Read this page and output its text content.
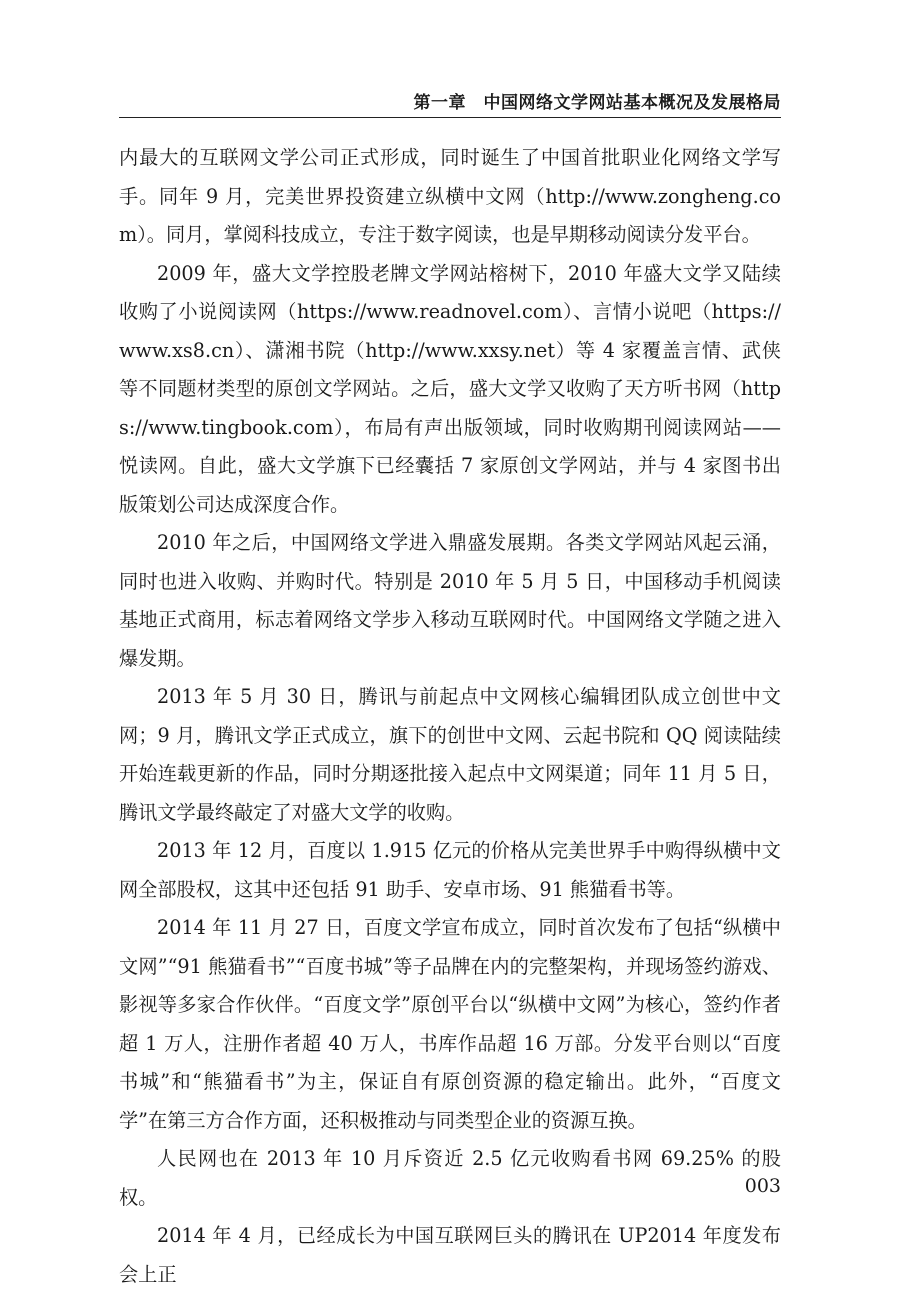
第一章　中国网络文学网站基本概况及发展格局

内最大的互联网文学公司正式形成，同时诞生了中国首批职业化网络文学写手。同年 9 月，完美世界投资建立纵横中文网（http://www.zongheng.com）。同月，掌阅科技成立，专注于数字阅读，也是早期移动阅读分发平台。

2009 年，盛大文学控股老牌文学网站榕树下，2010 年盛大文学又陆续收购了小说阅读网（https://www.readnovel.com）、言情小说吧（https://www.xs8.cn）、潇湘书院（http://www.xxsy.net）等 4 家覆盖言情、武侠等不同题材类型的原创文学网站。之后，盛大文学又收购了天方听书网（https://www.tingbook.com），布局有声出版领域，同时收购期刊阅读网站——悦读网。自此，盛大文学旗下已经囊括 7 家原创文学网站，并与 4 家图书出版策划公司达成深度合作。

2010 年之后，中国网络文学进入鼎盛发展期。各类文学网站风起云涌，同时也进入收购、并购时代。特别是 2010 年 5 月 5 日，中国移动手机阅读基地正式商用，标志着网络文学步入移动互联网时代。中国网络文学随之进入爆发期。

2013 年 5 月 30 日，腾讯与前起点中文网核心编辑团队成立创世中文网；9 月，腾讯文学正式成立，旗下的创世中文网、云起书院和 QQ 阅读陆续开始连载更新的作品，同时分期逐批接入起点中文网渠道；同年 11 月 5 日，腾讯文学最终敲定了对盛大文学的收购。

2013 年 12 月，百度以 1.915 亿元的价格从完美世界手中购得纵横中文网全部股权，这其中还包括 91 助手、安卓市场、91 熊猫看书等。

2014 年 11 月 27 日，百度文学宣布成立，同时首次发布了包括“纵横中文网”“91 熊猫看书”“百度书城”等子品牌在内的完整架构，并现场签约游戏、影视等多家合作伙伴。“百度文学”原创平台以“纵横中文网”为核心，签约作者超 1 万人，注册作者超 40 万人，书库作品超 16 万部。分发平台则以“百度书城”和“熊猫看书”为主，保证自有原创资源的稳定输出。此外，“百度文学”在第三方合作方面，还积极推动与同类型企业的资源互换。

人民网也在 2013 年 10 月斥资近 2.5 亿元收购看书网 69.25% 的股权。

2014 年 4 月，已经成长为中国互联网巨头的腾讯在 UP2014 年度发布会上正

003
